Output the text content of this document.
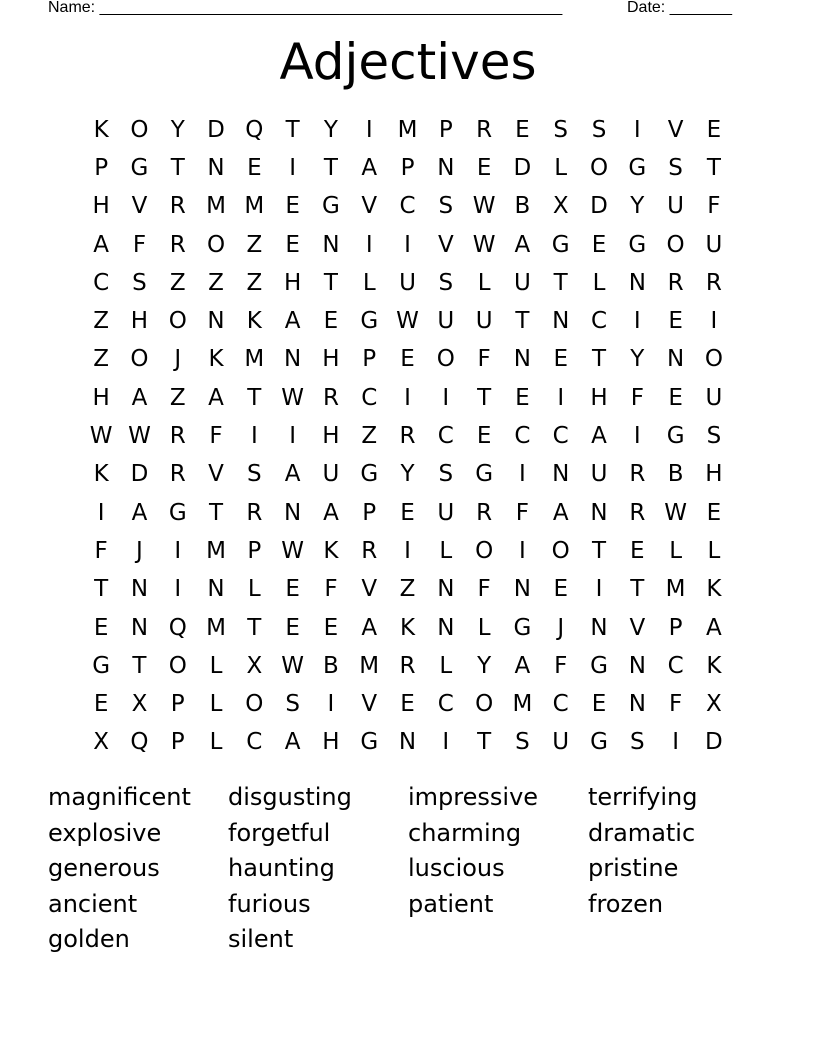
Name: ____________________________________________________	Date: _______
Adjectives
K O Y D Q T	Y	I	M P	R	E	S	S	I	V	E
P G T N E	I	T	A	P N E D	L O G S	T
H V R M M E G V C S W B X D Y U	F
A	F	R O Z	E N	I	I	V W A G E G O U
C S	Z Z Z H T	L	U S	L	U T	L	N R R
Z H O N K A	E G W U U T N C	I	E	I
Z O	J	K M N H P	E O F	N E	T	Y N O
H A Z A	T W R C	I	I	T	E	I	H	F	E U
W W R	F	I	I	H Z R C	E C C A	I	G S
K D R V	S	A U G Y	S G	I	N U R B H
I	A G T	R N A	P	E U R	F	A N R W E
F	J	I	M P W K R	I	L O	I	O T	E	L	L
T N	I	N	L	E	F	V Z N	F	N E	I	T M K
E N Q M T	E	E	A K N	L G	J	N V	P	A
G T O L	X W B M R	L	Y	A	F G N C K
E	X	P	L O S	I	V	E C O M C	E N	F	X
X Q P	L	C A H G N	I	T	S U G S	I	D
magnificent	disgusting	impressive	terrifying
explosive	forgetful	charming	dramatic
generous	haunting	luscious	pristine
ancient	furious	patient	frozen
golden	silent
